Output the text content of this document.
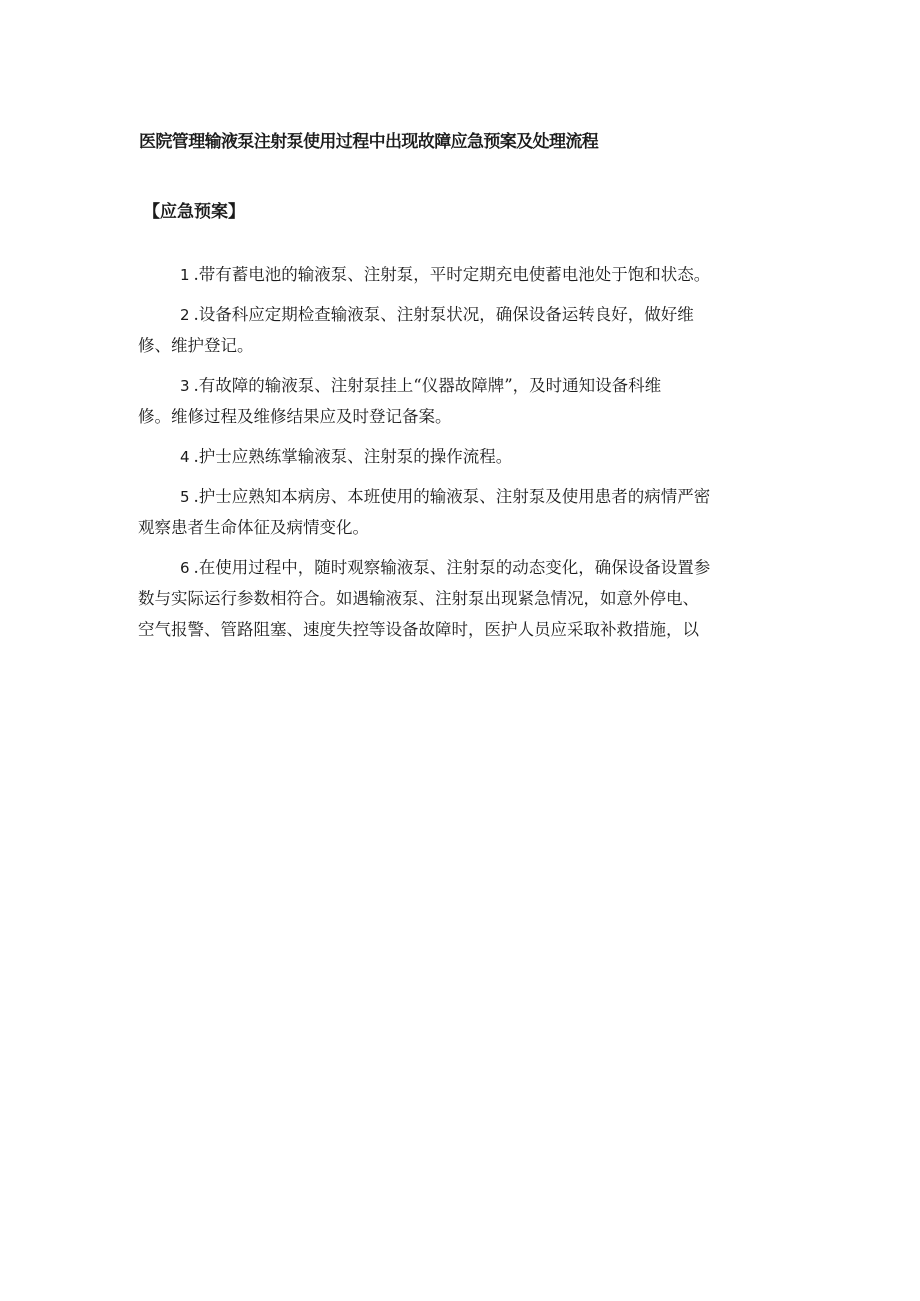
医院管理输液泵注射泵使用过程中出现故障应急预案及处理流程
【应急预案】

1 .带有蓄电池的输液泵、注射泵，平时定期充电使蓄电池处于饱和状态。

2 .设备科应定期检查输液泵、注射泵状况，确保设备运转良好，做好维
修、维护登记。

3 .有故障的输液泵、注射泵挂上“仪器故障牌”，及时通知设备科维
修。维修过程及维修结果应及时登记备案。

4 .护士应熟练掌输液泵、注射泵的操作流程。

5 .护士应熟知本病房、本班使用的输液泵、注射泵及使用患者的病情严密
观察患者生命体征及病情变化。

6 .在使用过程中，随时观察输液泵、注射泵的动态变化，确保设备设置参
数与实际运行参数相符合。如遇输液泵、注射泵出现紧急情况，如意外停电、
空气报警、管路阻塞、速度失控等设备故障时，医护人员应采取补救措施，以
